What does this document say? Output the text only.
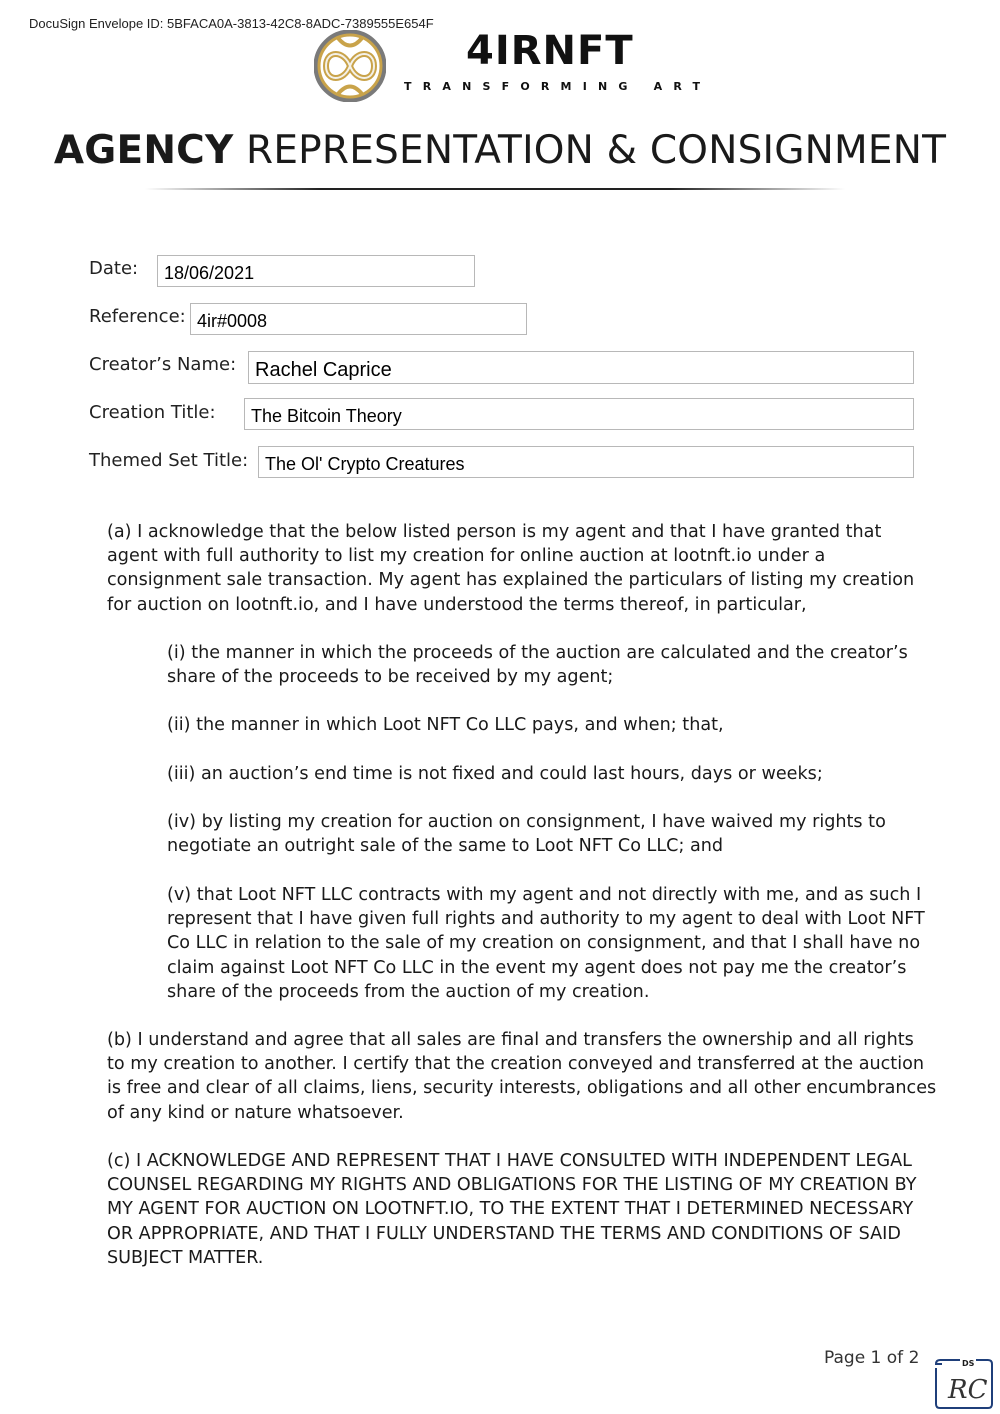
DocuSign Envelope ID: 5BFACA0A-3813-42C8-8ADC-7389555E654F
4IRNFT
TRANSFORMING ART
AGENCY REPRESENTATION & CONSIGNMENT
Date:	18/06/2021
Reference: 4ir#0008
Creator’s Name: Rachel Caprice
Creation Title:	The Bitcoin Theory
Themed Set Title: The Ol' Crypto Creatures

(a) I acknowledge that the below listed person is my agent and that I have granted that agent with full authority to list my creation for online auction at lootnft.io under a consignment sale transaction. My agent has explained the particulars of listing my creation for auction on lootnft.io, and I have understood the terms thereof, in particular,

(i) the manner in which the proceeds of the auction are calculated and the creator’s share of the proceeds to be received by my agent;

(ii) the manner in which Loot NFT Co LLC pays, and when; that,

(iii) an auction’s end time is not fixed and could last hours, days or weeks;

(iv) by listing my creation for auction on consignment, I have waived my rights to negotiate an outright sale of the same to Loot NFT Co LLC; and

(v) that Loot NFT LLC contracts with my agent and not directly with me, and as such I represent that I have given full rights and authority to my agent to deal with Loot NFT Co LLC in relation to the sale of my creation on consignment, and that I shall have no claim against Loot NFT Co LLC in the event my agent does not pay me the creator’s share of the proceeds from the auction of my creation.

(b) I understand and agree that all sales are final and transfers the ownership and all rights to my creation to another. I certify that the creation conveyed and transferred at the auction is free and clear of all claims, liens, security interests, obligations and all other encumbrances of any kind or nature whatsoever.

(c) I ACKNOWLEDGE AND REPRESENT THAT I HAVE CONSULTED WITH INDEPENDENT LEGAL COUNSEL REGARDING MY RIGHTS AND OBLIGATIONS FOR THE LISTING OF MY CREATION BY MY AGENT FOR AUCTION ON LOOTNFT.IO, TO THE EXTENT THAT I DETERMINED NECESSARY OR APPROPRIATE, AND THAT I FULLY UNDERSTAND THE TERMS AND CONDITIONS OF SAID SUBJECT MATTER.

Page 1 of 2	DS
RC
